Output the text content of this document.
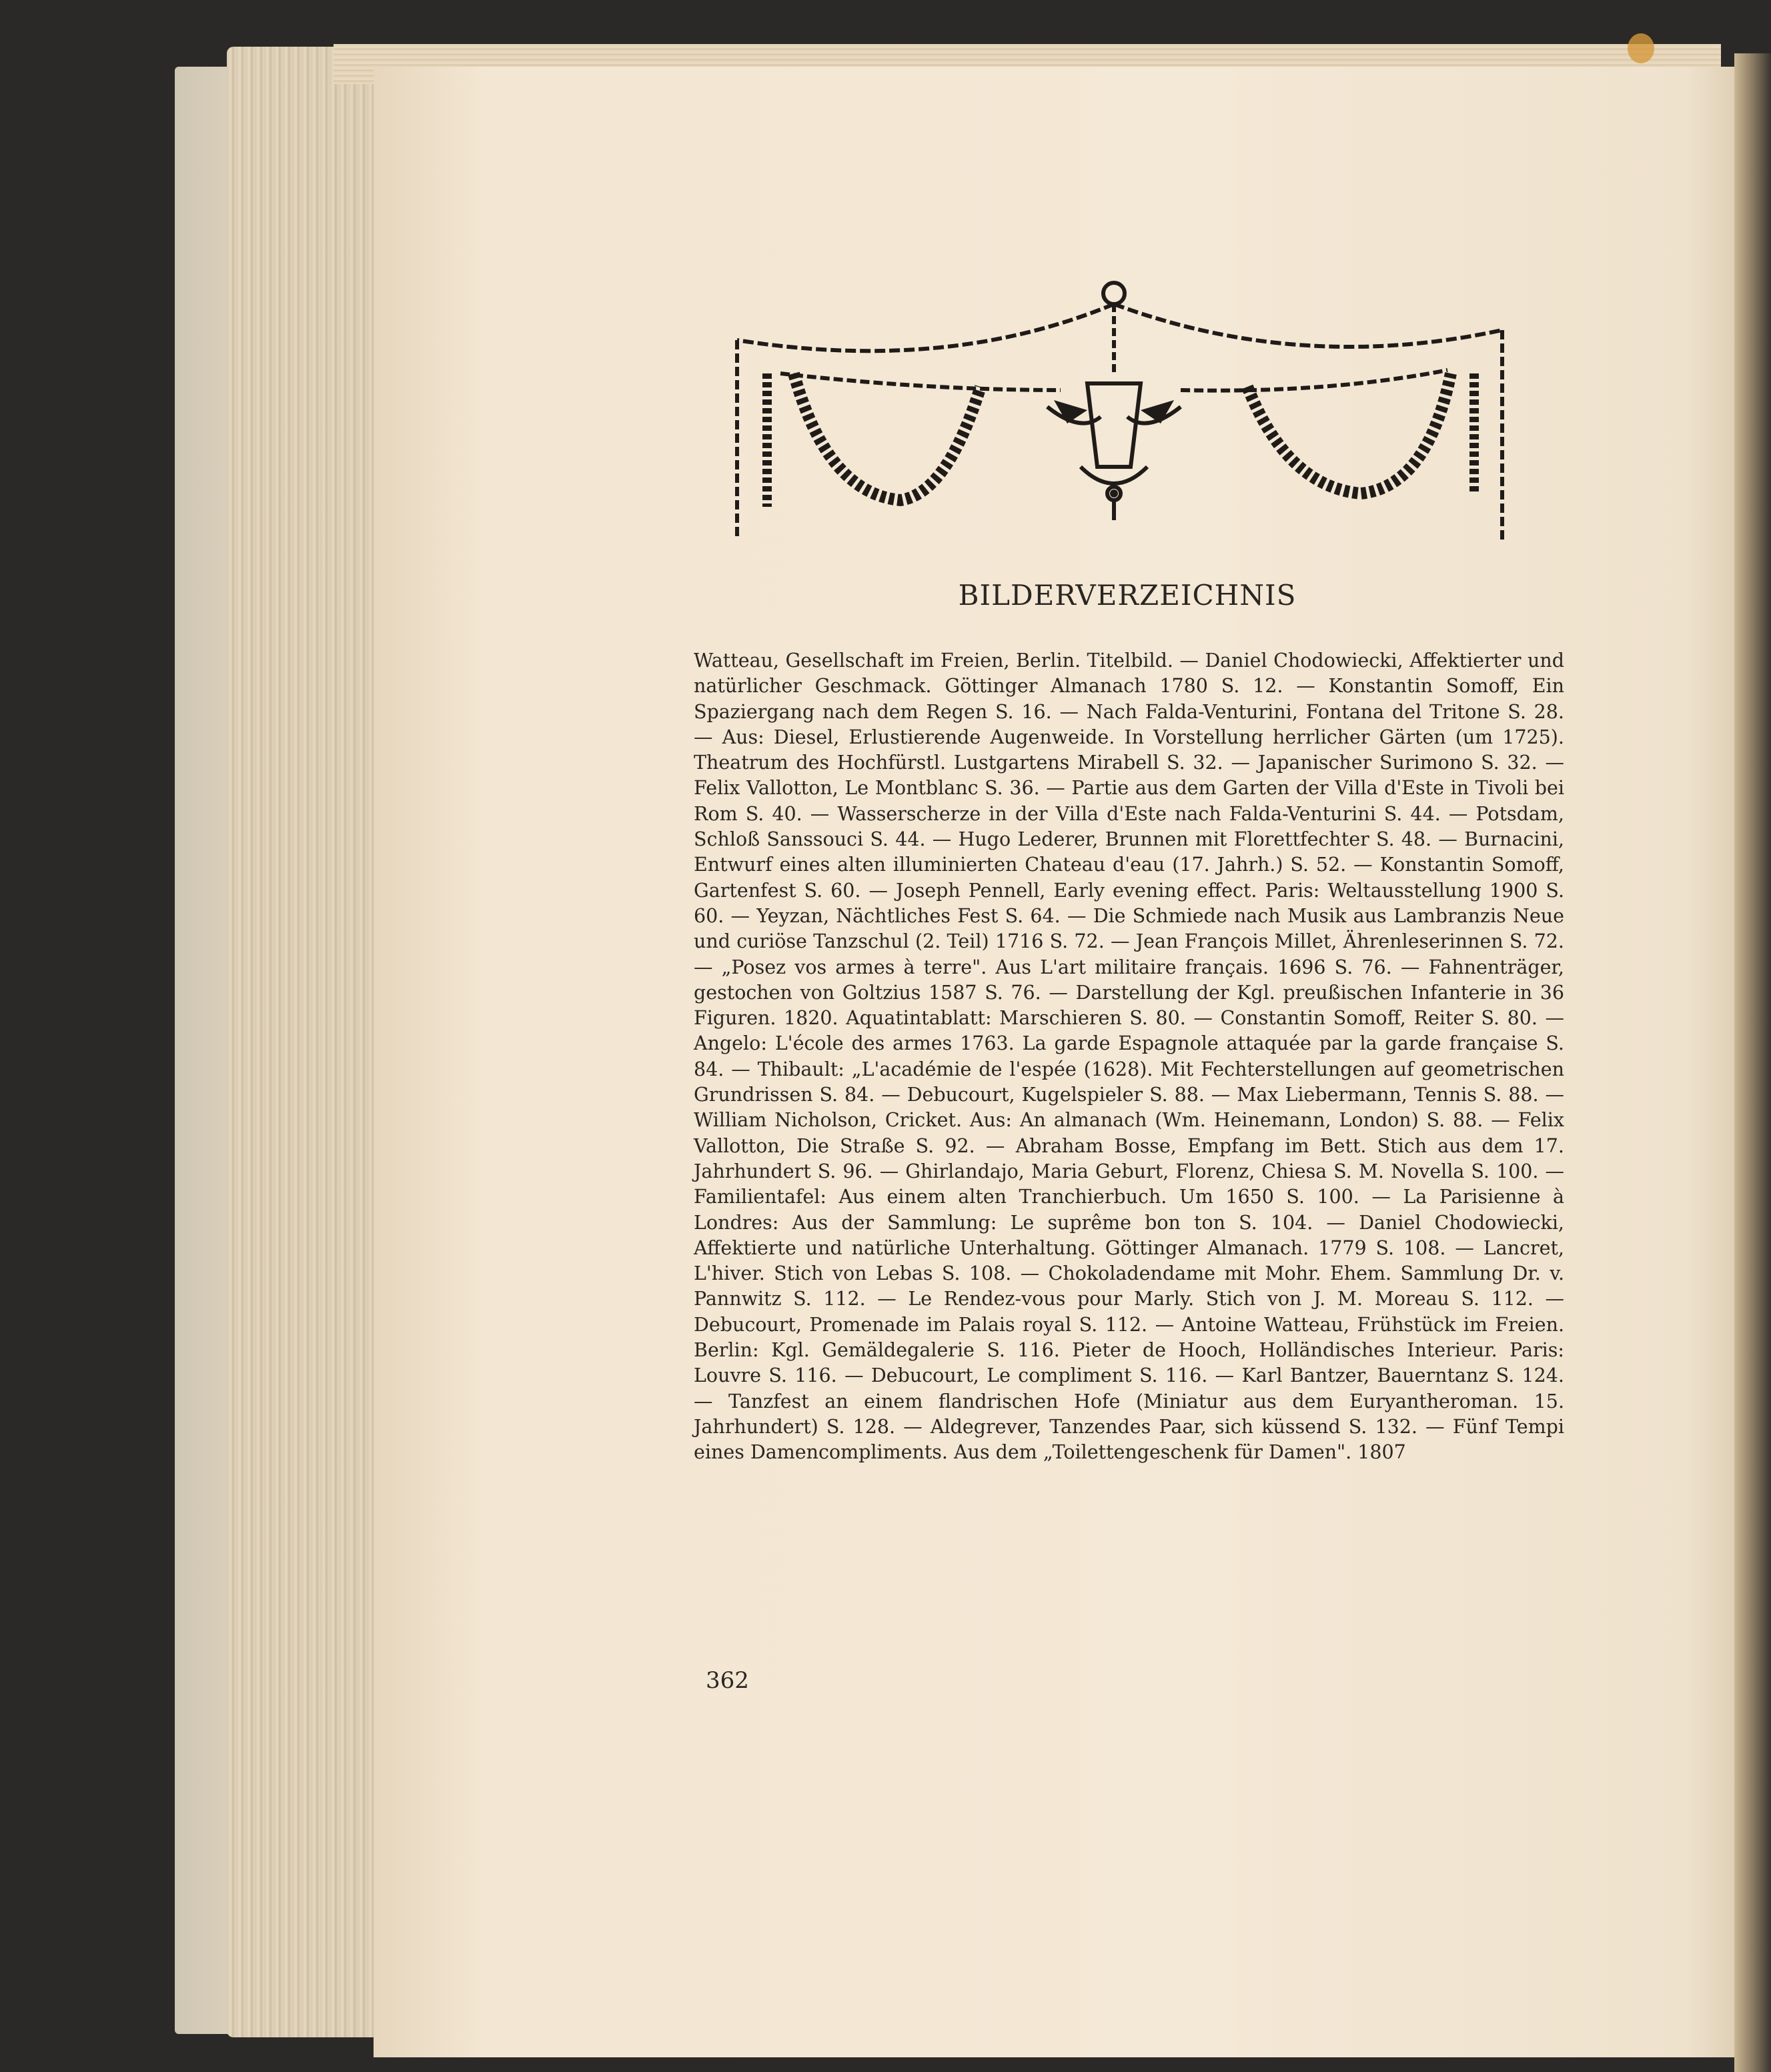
BILDERVERZEICHNIS

Watteau, Gesellschaft im Freien, Berlin. Titelbild. — Daniel Chodowiecki, Affektierter und natürlicher Geschmack. Göttinger Almanach 1780 S. 12. — Konstantin Somoff, Ein Spaziergang nach dem Regen S. 16. — Nach Falda-Venturini, Fontana del Tritone S. 28. — Aus: Diesel, Erlustierende Augenweide. In Vorstellung herrlicher Gärten (um 1725). Theatrum des Hochfürstl. Lustgartens Mirabell S. 32. — Japanischer Surimono S. 32. — Felix Vallotton, Le Montblanc S. 36. — Partie aus dem Garten der Villa d'Este in Tivoli bei Rom S. 40. — Wasserscherze in der Villa d'Este nach Falda-Venturini S. 44. — Potsdam, Schloß Sanssouci S. 44. — Hugo Lederer, Brunnen mit Florettfechter S. 48. — Burnacini, Entwurf eines alten illuminierten Chateau d'eau (17. Jahrh.) S. 52. — Konstantin Somoff, Gartenfest S. 60. — Joseph Pennell, Early evening effect. Paris: Weltausstellung 1900 S. 60. — Yeyzan, Nächtliches Fest S. 64. — Die Schmiede nach Musik aus Lambranzis Neue und curiöse Tanzschul (2. Teil) 1716 S. 72. — Jean François Millet, Ährenleserinnen S. 72. — „Posez vos armes à terre". Aus L'art militaire français. 1696 S. 76. — Fahnenträger, gestochen von Goltzius 1587 S. 76. — Darstellung der Kgl. preußischen Infanterie in 36 Figuren. 1820. Aquatintablatt: Marschieren S. 80. — Constantin Somoff, Reiter S. 80. — Angelo: L'école des armes 1763. La garde Espagnole attaquée par la garde française S. 84. — Thibault: „L'académie de l'espée (1628). Mit Fechterstellungen auf geometrischen Grundrissen S. 84. — Debucourt, Kugelspieler S. 88. — Max Liebermann, Tennis S. 88. — William Nicholson, Cricket. Aus: An almanach (Wm. Heinemann, London) S. 88. — Felix Vallotton, Die Straße S. 92. — Abraham Bosse, Empfang im Bett. Stich aus dem 17. Jahrhundert S. 96. — Ghirlandajo, Maria Geburt, Florenz, Chiesa S. M. Novella S. 100. — Familientafel: Aus einem alten Tranchierbuch. Um 1650 S. 100. — La Parisienne à Londres: Aus der Sammlung: Le suprême bon ton S. 104. — Daniel Chodowiecki, Affektierte und natürliche Unterhaltung. Göttinger Almanach. 1779 S. 108. — Lancret, L'hiver. Stich von Lebas S. 108. — Chokoladendame mit Mohr. Ehem. Sammlung Dr. v. Pannwitz S. 112. — Le Rendez-vous pour Marly. Stich von J. M. Moreau S. 112. — Debucourt, Promenade im Palais royal S. 112. — Antoine Watteau, Frühstück im Freien. Berlin: Kgl. Gemäldegalerie S. 116. Pieter de Hooch, Holländisches Interieur. Paris: Louvre S. 116. — Debucourt, Le compliment S. 116. — Karl Bantzer, Bauerntanz S. 124. — Tanzfest an einem flandrischen Hofe (Miniatur aus dem Euryantheroman. 15. Jahrhundert) S. 128. — Aldegrever, Tanzendes Paar, sich küssend S. 132. — Fünf Tempi eines Damencompliments. Aus dem „Toilettengeschenk für Damen". 1807

362
